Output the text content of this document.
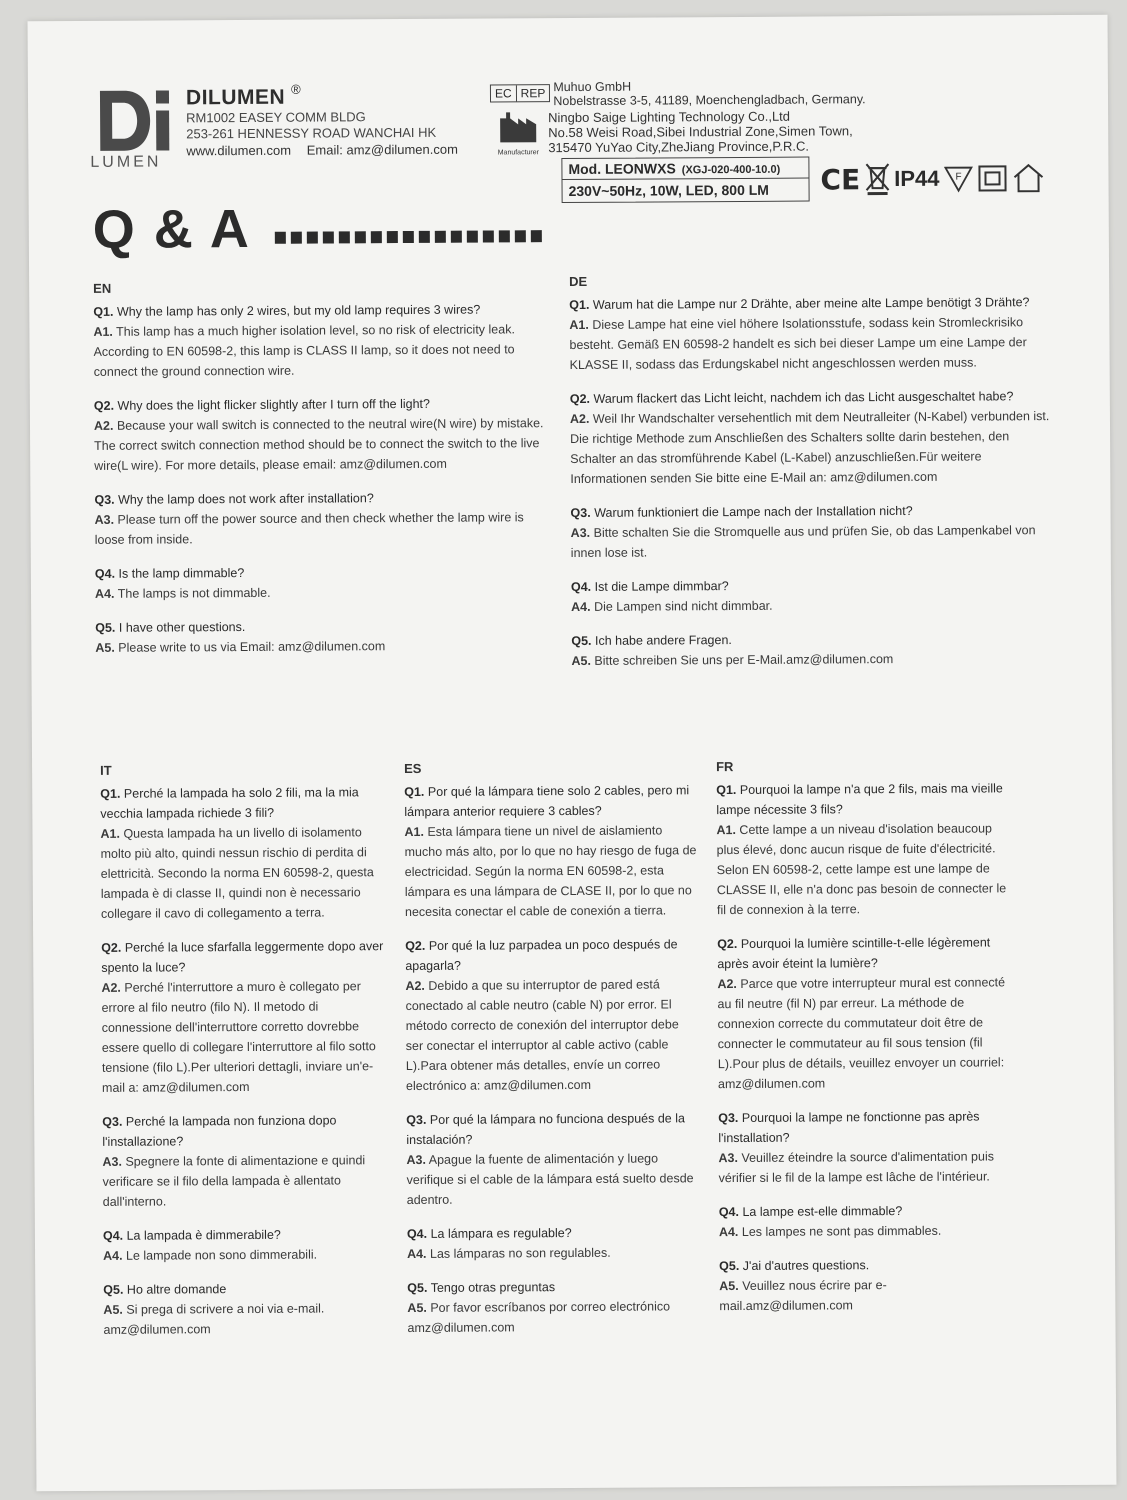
LUMEN
DILUMEN ®
RM1002 EASEY COMM BLDG
253-261 HENNESSY ROAD WANCHAI HK
www.dilumen.com Email: amz@dilumen.com
EC REP Muhuo GmbH
Nobelstrasse 3-5, 41189, Moenchengladbach, Germany.
Manufacturer
Ningbo Saige Lighting Technology Co.,Ltd
No.58 Weisi Road,Sibei Industrial Zone,Simen Town,
315470 YuYao City,ZheJiang Province,P.R.C.
Mod. LEONWXS (XGJ-020-400-10.0)
230V~50Hz, 10W, LED, 800 LM	CE IP44 F
Q & A
EN
Q1. Why the lamp has only 2 wires, but my old lamp requires 3 wires?
A1. This lamp has a much higher isolation level, so no risk of electricity leak. According to EN 60598-2, this lamp is CLASS II lamp, so it does not need to connect the ground connection wire.
Q2. Why does the light flicker slightly after I turn off the light?
A2. Because your wall switch is connected to the neutral wire(N wire) by mistake. The correct switch connection method should be to connect the switch to the live wire(L wire). For more details, please email: amz@dilumen.com
Q3. Why the lamp does not work after installation?
A3. Please turn off the power source and then check whether the lamp wire is loose from inside.
Q4. Is the lamp dimmable?
A4. The lamps is not dimmable.
Q5. I have other questions.
A5. Please write to us via Email: amz@dilumen.com
DE
Q1. Warum hat die Lampe nur 2 Drähte, aber meine alte Lampe benötigt 3 Drähte?
A1. Diese Lampe hat eine viel höhere Isolationsstufe, sodass kein Stromleckrisiko besteht. Gemäß EN 60598-2 handelt es sich bei dieser Lampe um eine Lampe der KLASSE II, sodass das Erdungskabel nicht angeschlossen werden muss.
Q2. Warum flackert das Licht leicht, nachdem ich das Licht ausgeschaltet habe?
A2. Weil Ihr Wandschalter versehentlich mit dem Neutralleiter (N-Kabel) verbunden ist. Die richtige Methode zum Anschließen des Schalters sollte darin bestehen, den Schalter an das stromführende Kabel (L-Kabel) anzuschließen.Für weitere Informationen senden Sie bitte eine E-Mail an: amz@dilumen.com
Q3. Warum funktioniert die Lampe nach der Installation nicht?
A3. Bitte schalten Sie die Stromquelle aus und prüfen Sie, ob das Lampenkabel von innen lose ist.
Q4. Ist die Lampe dimmbar?
A4. Die Lampen sind nicht dimmbar.
Q5. Ich habe andere Fragen.
A5. Bitte schreiben Sie uns per E-Mail.amz@dilumen.com
IT
Q1. Perché la lampada ha solo 2 fili, ma la mia vecchia lampada richiede 3 fili?
A1. Questa lampada ha un livello di isolamento molto più alto, quindi nessun rischio di perdita di elettricità. Secondo la norma EN 60598-2, questa lampada è di classe II, quindi non è necessario collegare il cavo di collegamento a terra.
Q2. Perché la luce sfarfalla leggermente dopo aver spento la luce?
A2. Perché l'interruttore a muro è collegato per errore al filo neutro (filo N). Il metodo di connessione dell'interruttore corretto dovrebbe essere quello di collegare l'interruttore al filo sotto tensione (filo L).Per ulteriori dettagli, inviare un'e-mail a: amz@dilumen.com
Q3. Perché la lampada non funziona dopo l'installazione?
A3. Spegnere la fonte di alimentazione e quindi verificare se il filo della lampada è allentato dall'interno.
Q4. La lampada è dimmerabile?
A4. Le lampade non sono dimmerabili.
Q5. Ho altre domande
A5. Si prega di scrivere a noi via e-mail. amz@dilumen.com
ES
Q1. Por qué la lámpara tiene solo 2 cables, pero mi lámpara anterior requiere 3 cables?
A1. Esta lámpara tiene un nivel de aislamiento mucho más alto, por lo que no hay riesgo de fuga de electricidad. Según la norma EN 60598-2, esta lámpara es una lámpara de CLASE II, por lo que no necesita conectar el cable de conexión a tierra.
Q2. Por qué la luz parpadea un poco después de apagarla?
A2. Debido a que su interruptor de pared está conectado al cable neutro (cable N) por error. El método correcto de conexión del interruptor debe ser conectar el interruptor al cable activo (cable L).Para obtener más detalles, envíe un correo electrónico a: amz@dilumen.com
Q3. Por qué la lámpara no funciona después de la instalación?
A3. Apague la fuente de alimentación y luego verifique si el cable de la lámpara está suelto desde adentro.
Q4. La lámpara es regulable?
A4. Las lámparas no son regulables.
Q5. Tengo otras preguntas
A5. Por favor escríbanos por correo electrónico amz@dilumen.com
FR
Q1. Pourquoi la lampe n'a que 2 fils, mais ma vieille lampe nécessite 3 fils?
A1. Cette lampe a un niveau d'isolation beaucoup plus élevé, donc aucun risque de fuite d'électricité. Selon EN 60598-2, cette lampe est une lampe de CLASSE II, elle n'a donc pas besoin de connecter le fil de connexion à la terre.
Q2. Pourquoi la lumière scintille-t-elle légèrement après avoir éteint la lumière?
A2. Parce que votre interrupteur mural est connecté au fil neutre (fil N) par erreur. La méthode de connexion correcte du commutateur doit être de connecter le commutateur au fil sous tension (fil L).Pour plus de détails, veuillez envoyer un courriel: amz@dilumen.com
Q3. Pourquoi la lampe ne fonctionne pas après l'installation?
A3. Veuillez éteindre la source d'alimentation puis vérifier si le fil de la lampe est lâche de l'intérieur.
Q4. La lampe est-elle dimmable?
A4. Les lampes ne sont pas dimmables.
Q5. J'ai d'autres questions.
A5. Veuillez nous écrire par e-mail.amz@dilumen.com
